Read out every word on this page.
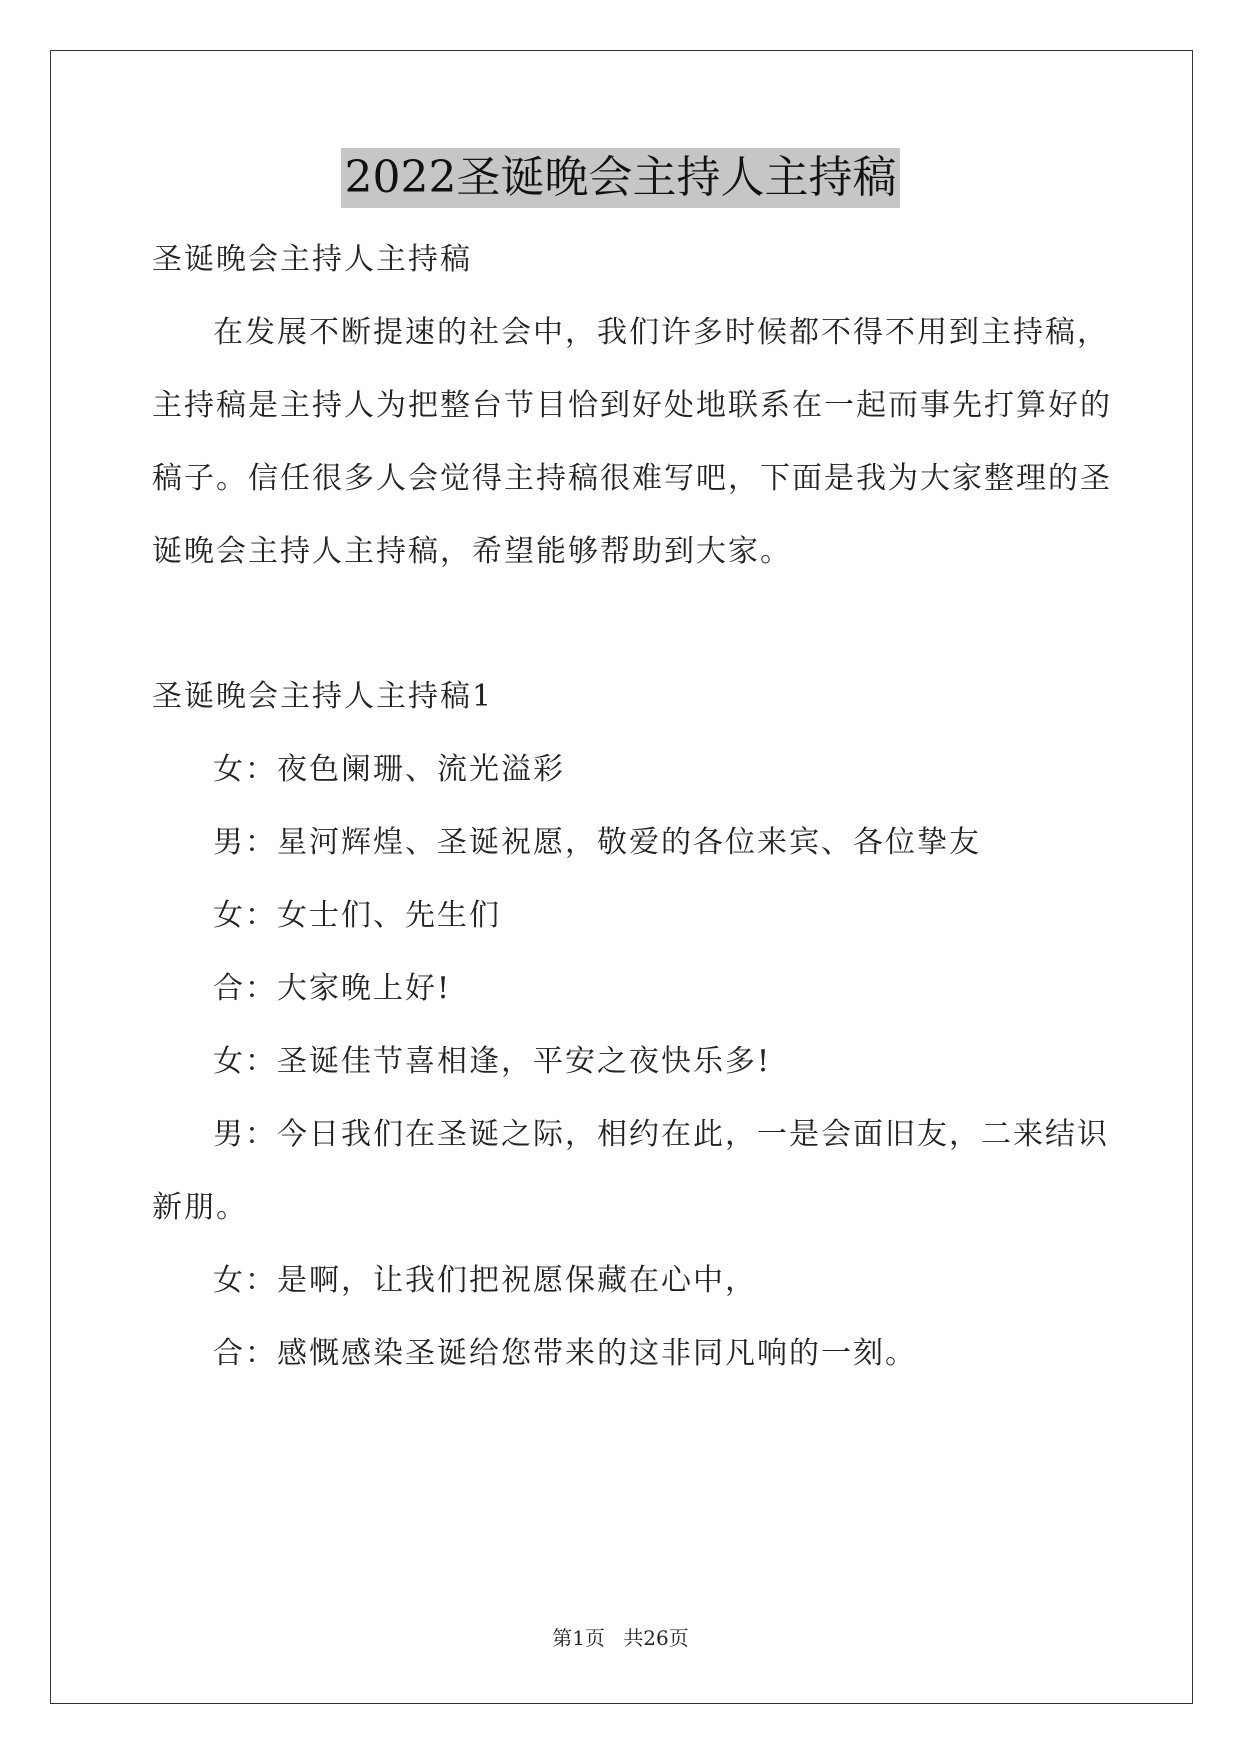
2022圣诞晚会主持人主持稿
圣诞晚会主持人主持稿
在发展不断提速的社会中，我们许多时候都不得不用到主持稿，
主持稿是主持人为把整台节目恰到好处地联系在一起而事先打算好的
稿子。信任很多人会觉得主持稿很难写吧，下面是我为大家整理的圣
诞晚会主持人主持稿，希望能够帮助到大家。
圣诞晚会主持人主持稿1
女：夜色阑珊、流光溢彩
男：星河辉煌、圣诞祝愿，敬爱的各位来宾、各位挚友
女：女士们、先生们
合：大家晚上好!
女：圣诞佳节喜相逢，平安之夜快乐多!
男：今日我们在圣诞之际，相约在此，一是会面旧友，二来结识
新朋。
女：是啊，让我们把祝愿保藏在心中，
合：感慨感染圣诞给您带来的这非同凡响的一刻。
第1页 共26页
